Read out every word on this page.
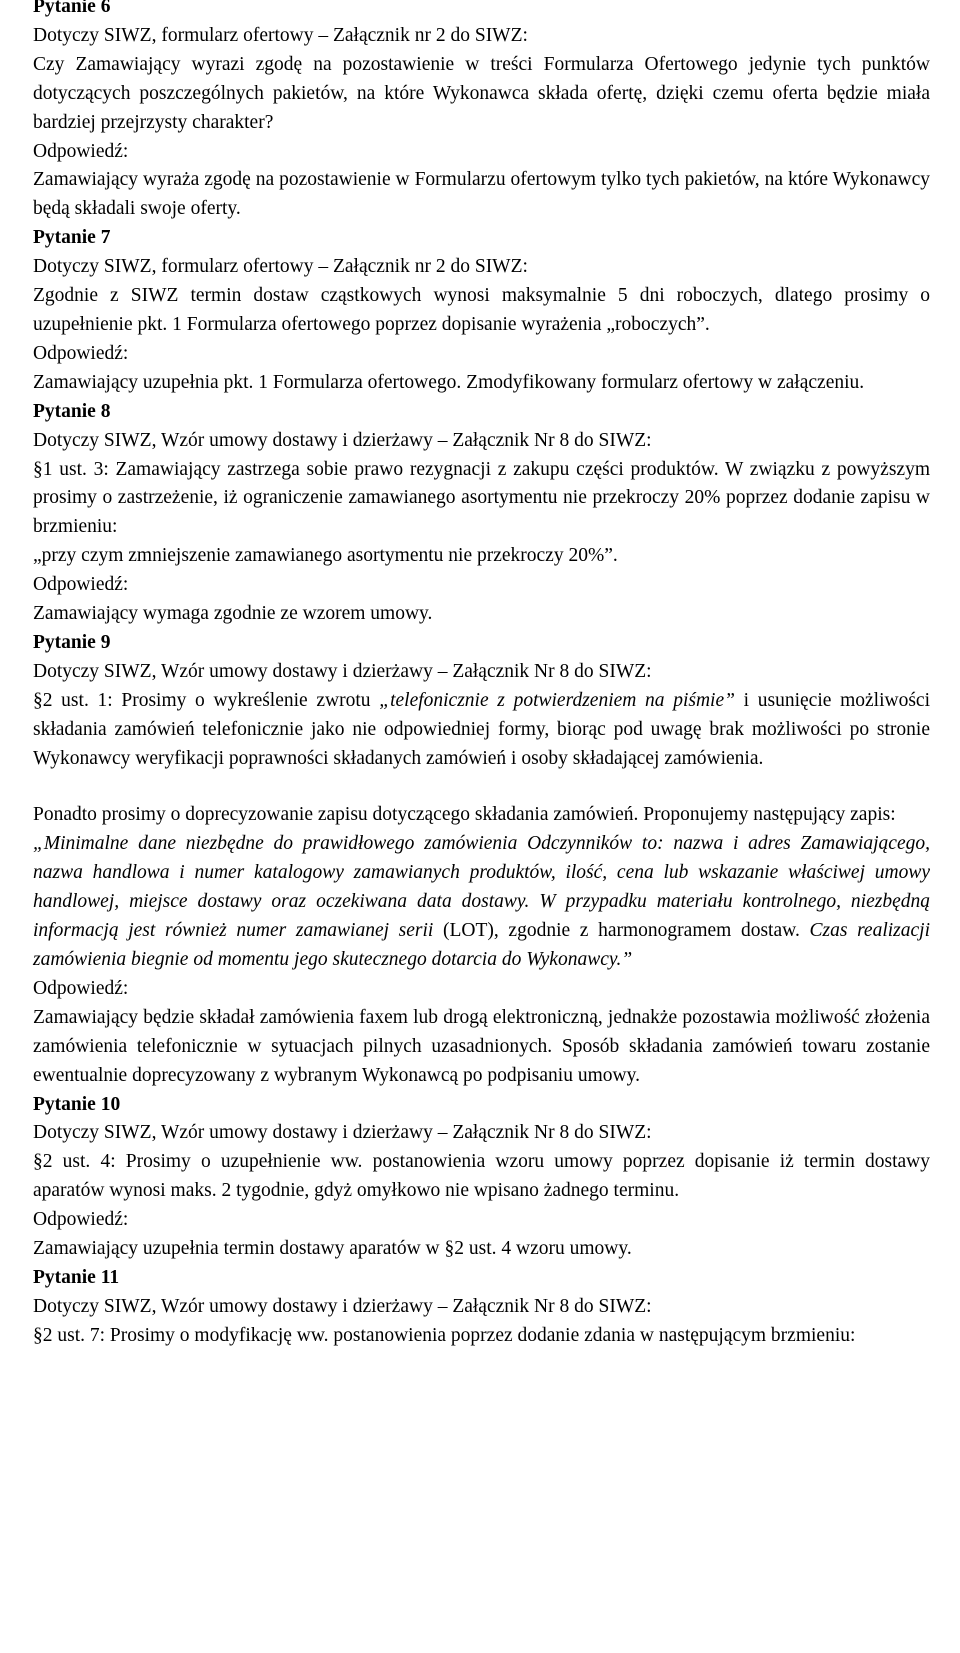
Pytanie 6
Dotyczy SIWZ, formularz ofertowy – Załącznik nr 2 do SIWZ:
Czy Zamawiający wyrazi zgodę na pozostawienie w treści Formularza Ofertowego jedynie tych punktów dotyczących poszczególnych pakietów, na które Wykonawca składa ofertę, dzięki czemu oferta będzie miała bardziej przejrzysty charakter?
Odpowiedź:
Zamawiający wyraża zgodę na pozostawienie w Formularzu ofertowym tylko tych pakietów, na które Wykonawcy będą składali swoje oferty.
Pytanie 7
Dotyczy SIWZ, formularz ofertowy – Załącznik nr 2 do SIWZ:
Zgodnie z SIWZ termin dostaw cząstkowych wynosi maksymalnie 5 dni roboczych, dlatego prosimy o uzupełnienie pkt. 1 Formularza ofertowego poprzez dopisanie wyrażenia „roboczych”.
Odpowiedź:
Zamawiający uzupełnia pkt. 1 Formularza ofertowego. Zmodyfikowany formularz ofertowy w załączeniu.
Pytanie 8
Dotyczy SIWZ, Wzór umowy dostawy i dzierżawy – Załącznik Nr 8 do SIWZ:
§1 ust. 3: Zamawiający zastrzega sobie prawo rezygnacji z zakupu części produktów. W związku z powyższym prosimy o zastrzeżenie, iż ograniczenie zamawianego asortymentu nie przekroczy 20% poprzez dodanie zapisu w brzmieniu:
„przy czym zmniejszenie zamawianego asortymentu nie przekroczy 20%”.
Odpowiedź:
Zamawiający wymaga zgodnie ze wzorem umowy.
Pytanie 9
Dotyczy SIWZ, Wzór umowy dostawy i dzierżawy – Załącznik Nr 8 do SIWZ:
§2 ust. 1: Prosimy o wykreślenie zwrotu „telefonicznie z potwierdzeniem na piśmie” i usunięcie możliwości składania zamówień telefonicznie jako nie odpowiedniej formy, biorąc pod uwagę brak możliwości po stronie Wykonawcy weryfikacji poprawności składanych zamówień i osoby składającej zamówienia.
Ponadto prosimy o doprecyzowanie zapisu dotyczącego składania zamówień. Proponujemy następujący zapis:
„Minimalne dane niezbędne do prawidłowego zamówienia Odczynników to: nazwa i adres Zamawiającego, nazwa handlowa i numer katalogowy zamawianych produktów, ilość, cena lub wskazanie właściwej umowy handlowej, miejsce dostawy oraz oczekiwana data dostawy. W przypadku materiału kontrolnego, niezbędną informacją jest również numer zamawianej serii (LOT), zgodnie z harmonogramem dostaw. Czas realizacji zamówienia biegnie od momentu jego skutecznego dotarcia do Wykonawcy.”
Odpowiedź:
Zamawiający będzie składał zamówienia faxem lub drogą elektroniczną, jednakże pozostawia możliwość złożenia zamówienia telefonicznie w sytuacjach pilnych uzasadnionych. Sposób składania zamówień towaru zostanie ewentualnie doprecyzowany z wybranym Wykonawcą po podpisaniu umowy.
Pytanie 10
Dotyczy SIWZ, Wzór umowy dostawy i dzierżawy – Załącznik Nr 8 do SIWZ:
§2 ust. 4: Prosimy o uzupełnienie ww. postanowienia wzoru umowy poprzez dopisanie iż termin dostawy aparatów wynosi maks. 2 tygodnie, gdyż omyłkowo nie wpisano żadnego terminu.
Odpowiedź:
Zamawiający uzupełnia termin dostawy aparatów w §2 ust. 4 wzoru umowy.
Pytanie 11
Dotyczy SIWZ, Wzór umowy dostawy i dzierżawy – Załącznik Nr 8 do SIWZ:
§2 ust. 7: Prosimy o modyfikację ww. postanowienia poprzez dodanie zdania w następującym brzmieniu:
